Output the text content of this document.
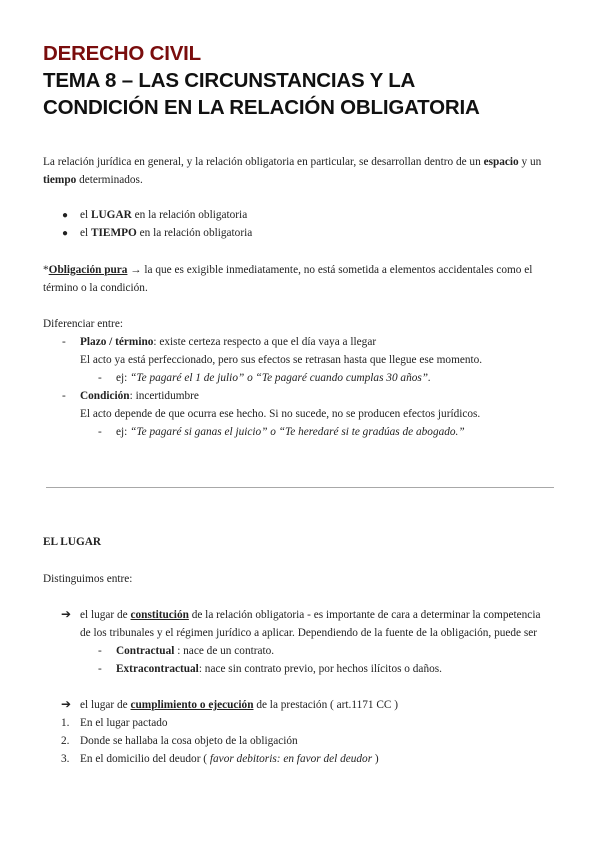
DERECHO CIVIL
TEMA 8 – LAS CIRCUNSTANCIAS Y LA
CONDICIÓN EN LA RELACIÓN OBLIGATORIA
La relación jurídica en general, y la relación obligatoria en particular, se desarrollan dentro de un espacio y un
tiempo determinados.
● el LUGAR en la relación obligatoria
● el TIEMPO en la relación obligatoria
*Obligación pura → la que es exigible inmediatamente, no está sometida a elementos accidentales como el
término o la condición.
Diferenciar entre:
- Plazo / término: existe certeza respecto a que el día vaya a llegar
El acto ya está perfeccionado, pero sus efectos se retrasan hasta que llegue ese momento.
- ej: “Te pagaré el 1 de julio” o “Te pagaré cuando cumplas 30 años”.
- Condición: incertidumbre
El acto depende de que ocurra ese hecho. Si no sucede, no se producen efectos jurídicos.
- ej: “Te pagaré si ganas el juicio” o “Te heredaré si te gradúas de abogado.”
EL LUGAR
Distinguimos entre:
➔ el lugar de constitución de la relación obligatoria - es importante de cara a determinar la competencia
de los tribunales y el régimen jurídico a aplicar. Dependiendo de la fuente de la obligación, puede ser
- Contractual : nace de un contrato.
- Extracontractual: nace sin contrato previo, por hechos ilícitos o daños.
➔ el lugar de cumplimiento o ejecución de la prestación ( art.1171 CC )
1. En el lugar pactado
2. Donde se hallaba la cosa objeto de la obligación
3. En el domicilio del deudor ( favor debitoris: en favor del deudor )
